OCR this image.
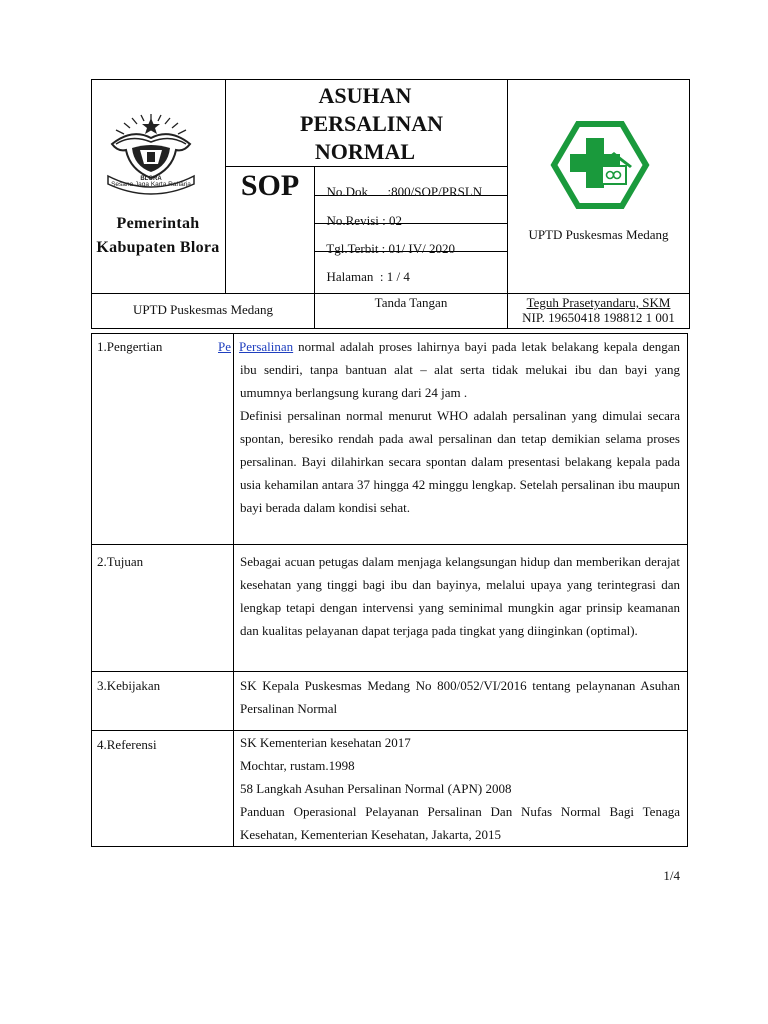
Sesana Jaga Karta Raharja
BLORA
Pemerintah Kabupaten Blora
ASUHAN PERSALINAN NORMAL
SOP	No.Dok      :800/SOP/PRSLN

No.Revisi : 02

Tgl.Terbit : 01/ IV/ 2020

Halaman  : 1 / 4

UPTD Puskesmas Medang
UPTD Puskesmas Medang	Tanda Tangan	Teguh Prasetyandaru, SKM
NIP. 19650418 198812 1 001
1.Pengertian	Pe Persalinan normal adalah proses lahirnya bayi pada letak belakang kepala dengan ibu sendiri, tanpa bantuan alat – alat serta tidak melukai ibu dan bayi yang umumnya berlangsung kurang dari 24 jam .

Definisi persalinan normal menurut WHO adalah persalinan yang dimulai secara spontan, beresiko rendah pada awal persalinan dan tetap demikian selama proses persalinan. Bayi dilahirkan secara spontan dalam presentasi belakang kepala pada usia kehamilan antara 37 hingga 42 minggu lengkap. Setelah persalinan ibu maupun bayi berada dalam kondisi sehat.

2.Tujuan	Sebagai acuan petugas dalam menjaga kelangsungan hidup dan memberikan derajat kesehatan yang tinggi bagi ibu dan bayinya, melalui upaya yang terintegrasi dan lengkap tetapi dengan intervensi yang seminimal mungkin agar prinsip keamanan dan kualitas pelayanan dapat terjaga pada tingkat yang diinginkan (optimal).

3.Kebijakan	SK Kepala Puskesmas Medang No 800/052/VI/2016 tentang pelaynanan Asuhan Persalinan Normal

4.Referensi	SK Kementerian kesehatan 2017

Mochtar, rustam.1998

58 Langkah Asuhan Persalinan Normal (APN) 2008

Panduan Operasional Pelayanan Persalinan Dan Nufas Normal Bagi Tenaga Kesehatan, Kementerian Kesehatan, Jakarta, 2015

1/4
